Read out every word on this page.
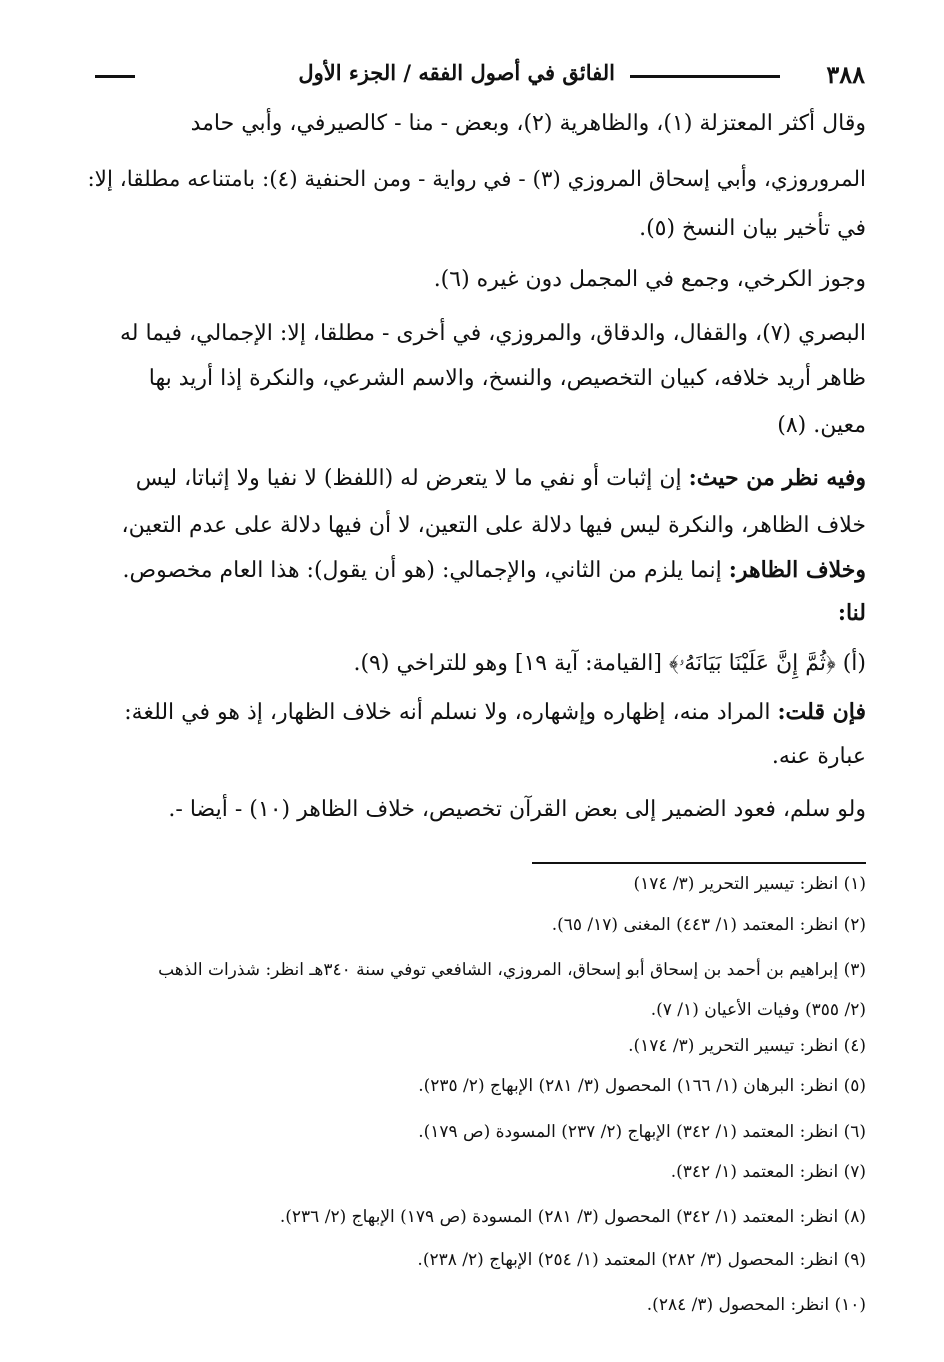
٣٨٨
الفائق في أصول الفقه / الجزء الأول
وقال أكثر المعتزلة (١)، والظاهرية (٢)، وبعض - منا - كالصيرفي، وأبي حامد
المروروزي، وأبي إسحاق المروزي (٣) - في رواية - ومن الحنفية (٤): بامتناعه مطلقا، إلا:
في تأخير بيان النسخ (٥).
وجوز الكرخي، وجمع في المجمل دون غيره (٦).
البصري (٧)، والقفال، والدقاق، والمروزي، في أخرى - مطلقا، إلا: الإجمالي، فيما له
ظاهر أريد خلافه، كبيان التخصيص، والنسخ، والاسم الشرعي، والنكرة إذا أريد بها
معين. (٨)
وفيه نظر من حيث: إن إثبات أو نفي ما لا يتعرض له (اللفظ) لا نفيا ولا إثباتا، ليس
خلاف الظاهر، والنكرة ليس فيها دلالة على التعين، لا أن فيها دلالة على عدم التعين،
وخلاف الظاهر: إنما يلزم من الثاني، والإجمالي: (هو أن يقول): هذا العام مخصوص.
لنا:
(أ) ﴿ثُمَّ إِنَّ عَلَيْنَا بَيَانَهُۥ﴾ [القيامة: آية ١٩] وهو للتراخي (٩).
فإن قلت: المراد منه، إظهاره وإشهاره، ولا نسلم أنه خلاف الظهار، إذ هو في اللغة:
عبارة عنه.
ولو سلم، فعود الضمير إلى بعض القرآن تخصيص، خلاف الظاهر (١٠) - أيضا -.
(١) انظر: تيسير التحرير (٣/ ١٧٤)
(٢) انظر: المعتمد (١/ ٤٤٣) المغنى (١٧/ ٦٥).
(٣) إبراهيم بن أحمد بن إسحاق أبو إسحاق، المروزي، الشافعي توفي سنة ٣٤٠هـ انظر: شذرات الذهب
(٢/ ٣٥٥) وفيات الأعيان (١/ ٧).
(٤) انظر: تيسير التحرير (٣/ ١٧٤).
(٥) انظر: البرهان (١/ ١٦٦) المحصول (٣/ ٢٨١) الإبهاج (٢/ ٢٣٥).
(٦) انظر: المعتمد (١/ ٣٤٢) الإبهاج (٢/ ٢٣٧) المسودة (ص ١٧٩).
(٧) انظر: المعتمد (١/ ٣٤٢).
(٨) انظر: المعتمد (١/ ٣٤٢) المحصول (٣/ ٢٨١) المسودة (ص ١٧٩) الإبهاج (٢/ ٢٣٦).
(٩) انظر: المحصول (٣/ ٢٨٢) المعتمد (١/ ٢٥٤) الإبهاج (٢/ ٢٣٨).
(١٠) انظر: المحصول (٣/ ٢٨٤).
